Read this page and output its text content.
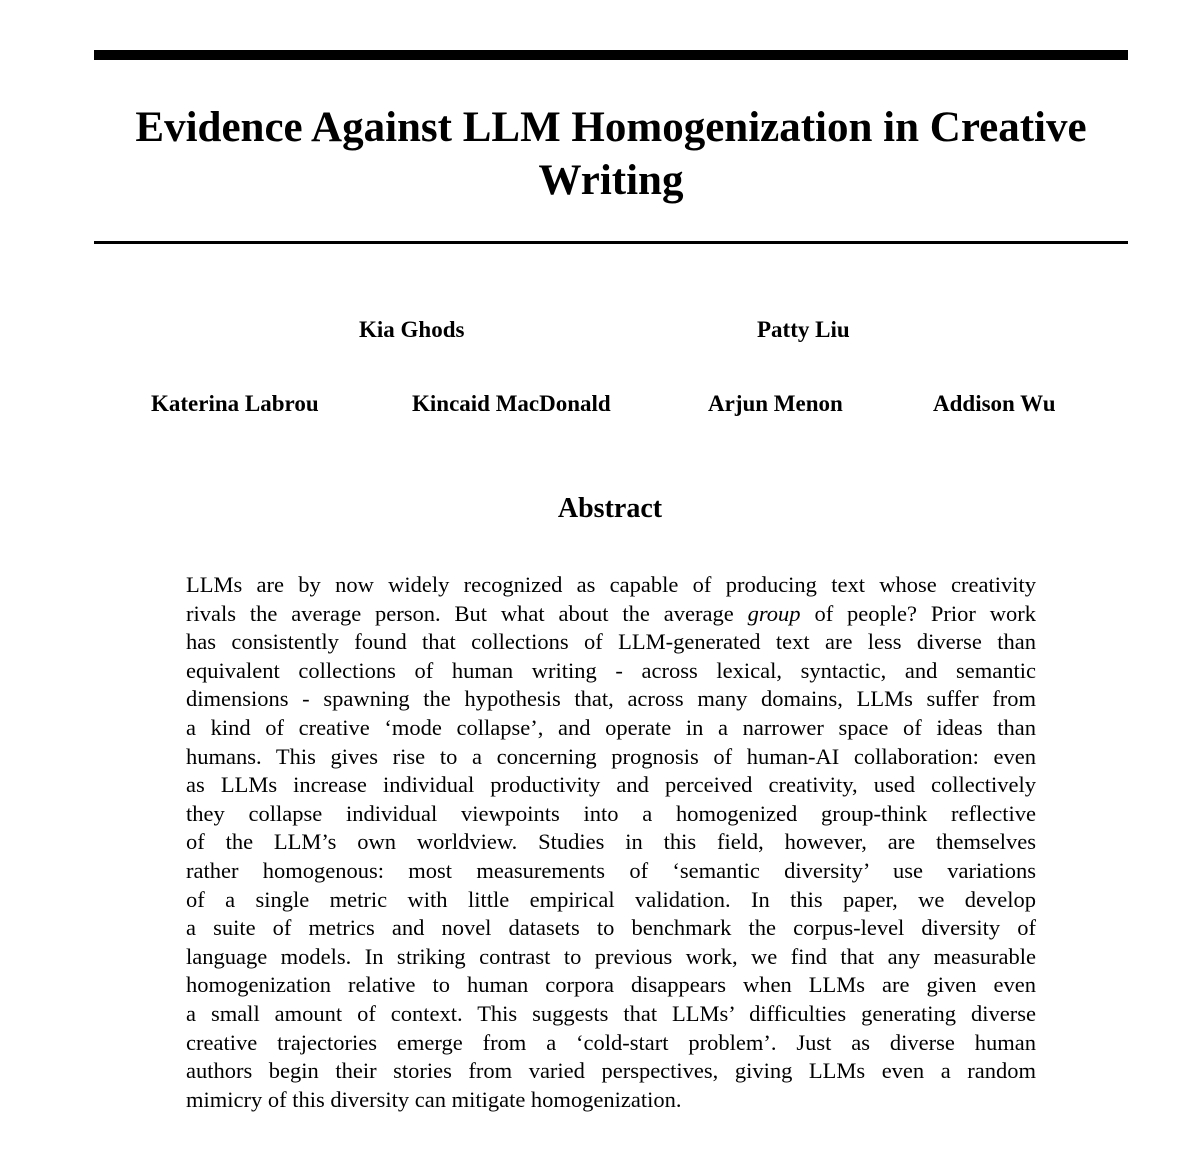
Evidence Against LLM Homogenization in Creative
Writing
Kia Ghods	Patty Liu
Katerina Labrou	Kincaid MacDonald	Arjun Menon	Addison Wu
Abstract
LLMs are by now widely recognized as capable of producing text whose creativity
rivals the average person. But what about the average group of people? Prior work
has consistently found that collections of LLM-generated text are less diverse than
equivalent collections of human writing - across lexical, syntactic, and semantic
dimensions - spawning the hypothesis that, across many domains, LLMs suffer from
a kind of creative ‘mode collapse’, and operate in a narrower space of ideas than
humans. This gives rise to a concerning prognosis of human-AI collaboration: even
as LLMs increase individual productivity and perceived creativity, used collectively
they collapse individual viewpoints into a homogenized group-think reflective
of the LLM’s own worldview. Studies in this field, however, are themselves
rather homogenous: most measurements of ‘semantic diversity’ use variations
of a single metric with little empirical validation. In this paper, we develop
a suite of metrics and novel datasets to benchmark the corpus-level diversity of
language models. In striking contrast to previous work, we find that any measurable
homogenization relative to human corpora disappears when LLMs are given even
a small amount of context. This suggests that LLMs’ difficulties generating diverse
creative trajectories emerge from a ‘cold-start problem’. Just as diverse human
authors begin their stories from varied perspectives, giving LLMs even a random
mimicry of this diversity can mitigate homogenization.
